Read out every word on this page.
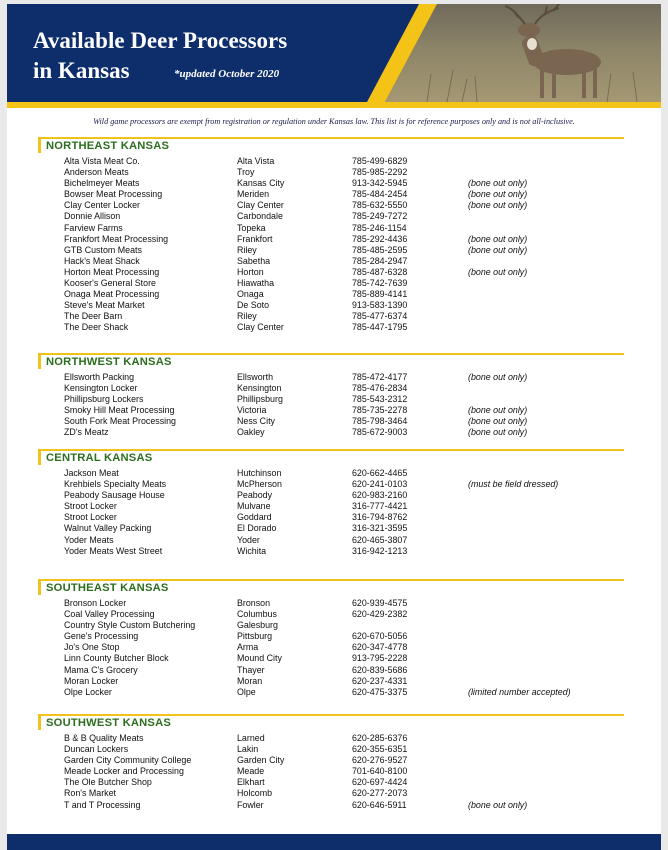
Available Deer Processors
in Kansas	*updated October 2020
Wild game processors are exempt from registration or regulation under Kansas law. This list is for reference purposes only and is not all-inclusive.
NORTHEAST KANSAS
Alta Vista Meat Co.	Alta Vista	785-499-6829
Anderson Meats	Troy	785-985-2292
Bichelmeyer Meats	Kansas City	913-342-5945	(bone out only)
Bowser Meat Processing	Meriden	785-484-2454	(bone out only)
Clay Center Locker	Clay Center	785-632-5550	(bone out only)
Donnie Allison	Carbondale	785-249-7272
Farview Farms	Topeka	785-246-1154
Frankfort Meat Processing	Frankfort	785-292-4436	(bone out only)
GTB Custom Meats	Riley	785-485-2595	(bone out only)
Hack's Meat Shack	Sabetha	785-284-2947
Horton Meat Processing	Horton	785-487-6328	(bone out only)
Kooser's General Store	Hiawatha	785-742-7639
Onaga Meat Processing	Onaga	785-889-4141
Steve's Meat Market	De Soto	913-583-1390
The Deer Barn	Riley	785-477-6374
The Deer Shack	Clay Center	785-447-1795
NORTHWEST KANSAS
Ellsworth Packing	Ellsworth	785-472-4177	(bone out only)
Kensington Locker	Kensington	785-476-2834
Phillipsburg Lockers	Phillipsburg	785-543-2312
Smoky Hill Meat Processing	Victoria	785-735-2278	(bone out only)
South Fork Meat Processing	Ness City	785-798-3464	(bone out only)
ZD's Meatz	Oakley	785-672-9003	(bone out only)
CENTRAL KANSAS
Jackson Meat	Hutchinson	620-662-4465
Krehbiels Specialty Meats	McPherson	620-241-0103	(must be field dressed)
Peabody Sausage House	Peabody	620-983-2160
Stroot Locker	Mulvane	316-777-4421
Stroot Locker	Goddard	316-794-8762
Walnut Valley Packing	El Dorado	316-321-3595
Yoder Meats	Yoder	620-465-3807
Yoder Meats West Street	Wichita	316-942-1213
SOUTHEAST KANSAS
Bronson Locker	Bronson	620-939-4575
Coal Valley Processing	Columbus	620-429-2382
Country Style Custom Butchering	Galesburg
Gene's Processing	Pittsburg	620-670-5056
Jo's One Stop	Arma	620-347-4778
Linn County Butcher Block	Mound City	913-795-2228
Mama C's Grocery	Thayer	620-839-5686
Moran Locker	Moran	620-237-4331
Olpe Locker	Olpe	620-475-3375	(limited number accepted)
SOUTHWEST KANSAS
B & B Quality Meats	Larned	620-285-6376
Duncan Lockers	Lakin	620-355-6351
Garden City Community College	Garden City	620-276-9527
Meade Locker and Processing	Meade	701-640-8100
The Ole Butcher Shop	Elkhart	620-697-4424
Ron's Market	Holcomb	620-277-2073
T and T Processing	Fowler	620-646-5911	(bone out only)
